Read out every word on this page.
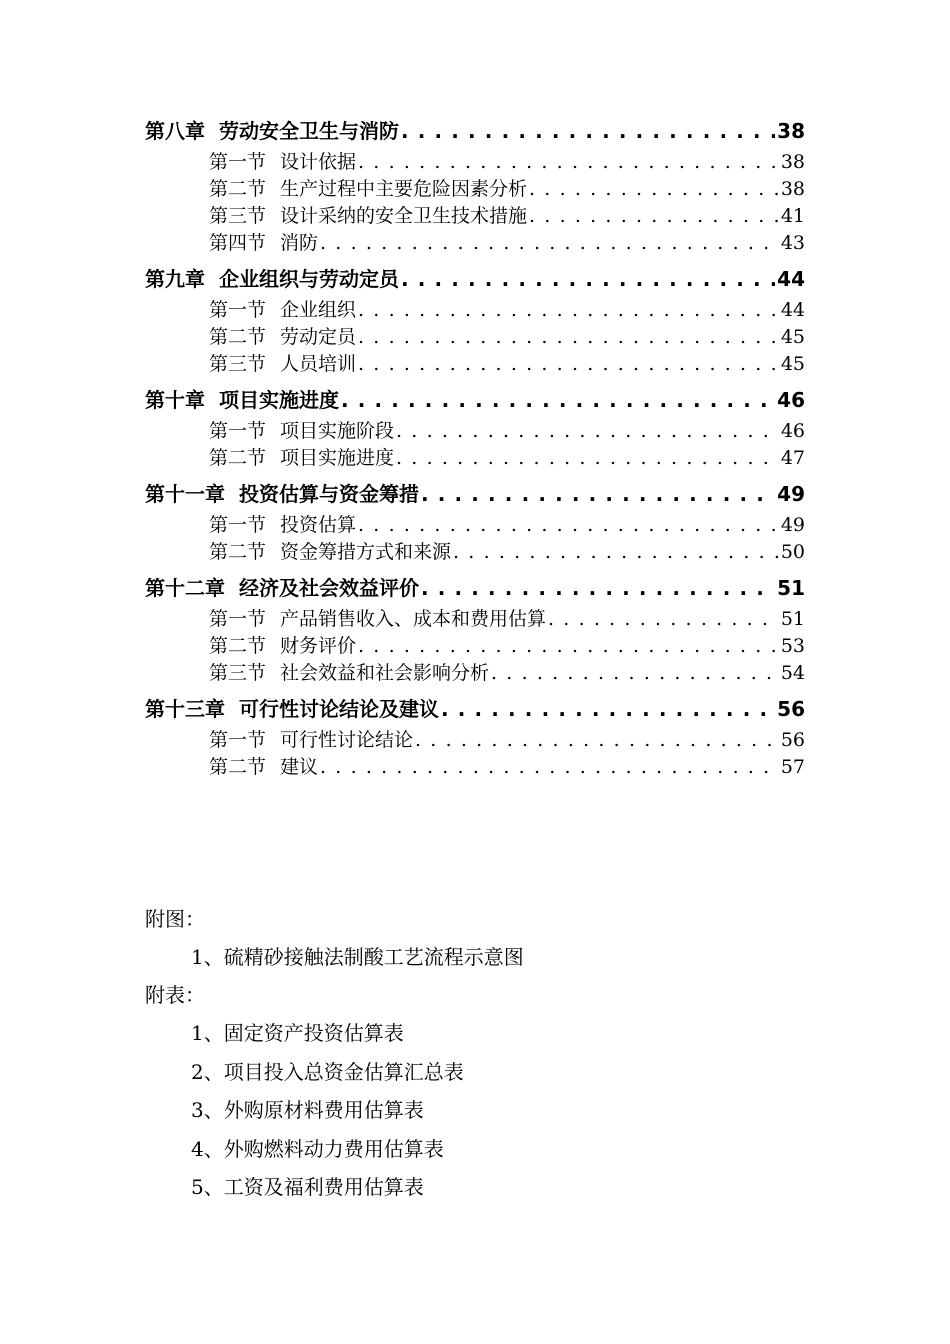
第八章 劳动安全卫生与消防 . . .	38
第一节 设计依据 . . .	38
第二节 生产过程中主要危险因素分析 . . .	38
第三节 设计采纳的安全卫生技术措施 . . .	41
第四节 消防 . . .	43
第九章 企业组织与劳动定员 . . .	44
第一节 企业组织 . . .	44
第二节 劳动定员 . . .	45
第三节 人员培训 . . .	45
第十章 项目实施进度 . . .	46
第一节 项目实施阶段 . . .	46
第二节 项目实施进度 . . .	47
第十一章 投资估算与资金筹措 . . .	49
第一节 投资估算 . . .	49
第二节 资金筹措方式和来源 . . .	50
第十二章 经济及社会效益评价 . . .	51
第一节 产品销售收入、成本和费用估算 . . .	51
第二节 财务评价 . . .	53
第三节 社会效益和社会影响分析 . . .	54
第十三章 可行性讨论结论及建议 . . .	56
第一节 可行性讨论结论 . . .	56
第二节 建议 . . .	57
附图：
1、硫精砂接触法制酸工艺流程示意图
附表：
1、固定资产投资估算表
2、项目投入总资金估算汇总表
3、外购原材料费用估算表
4、外购燃料动力费用估算表
5、工资及福利费用估算表
